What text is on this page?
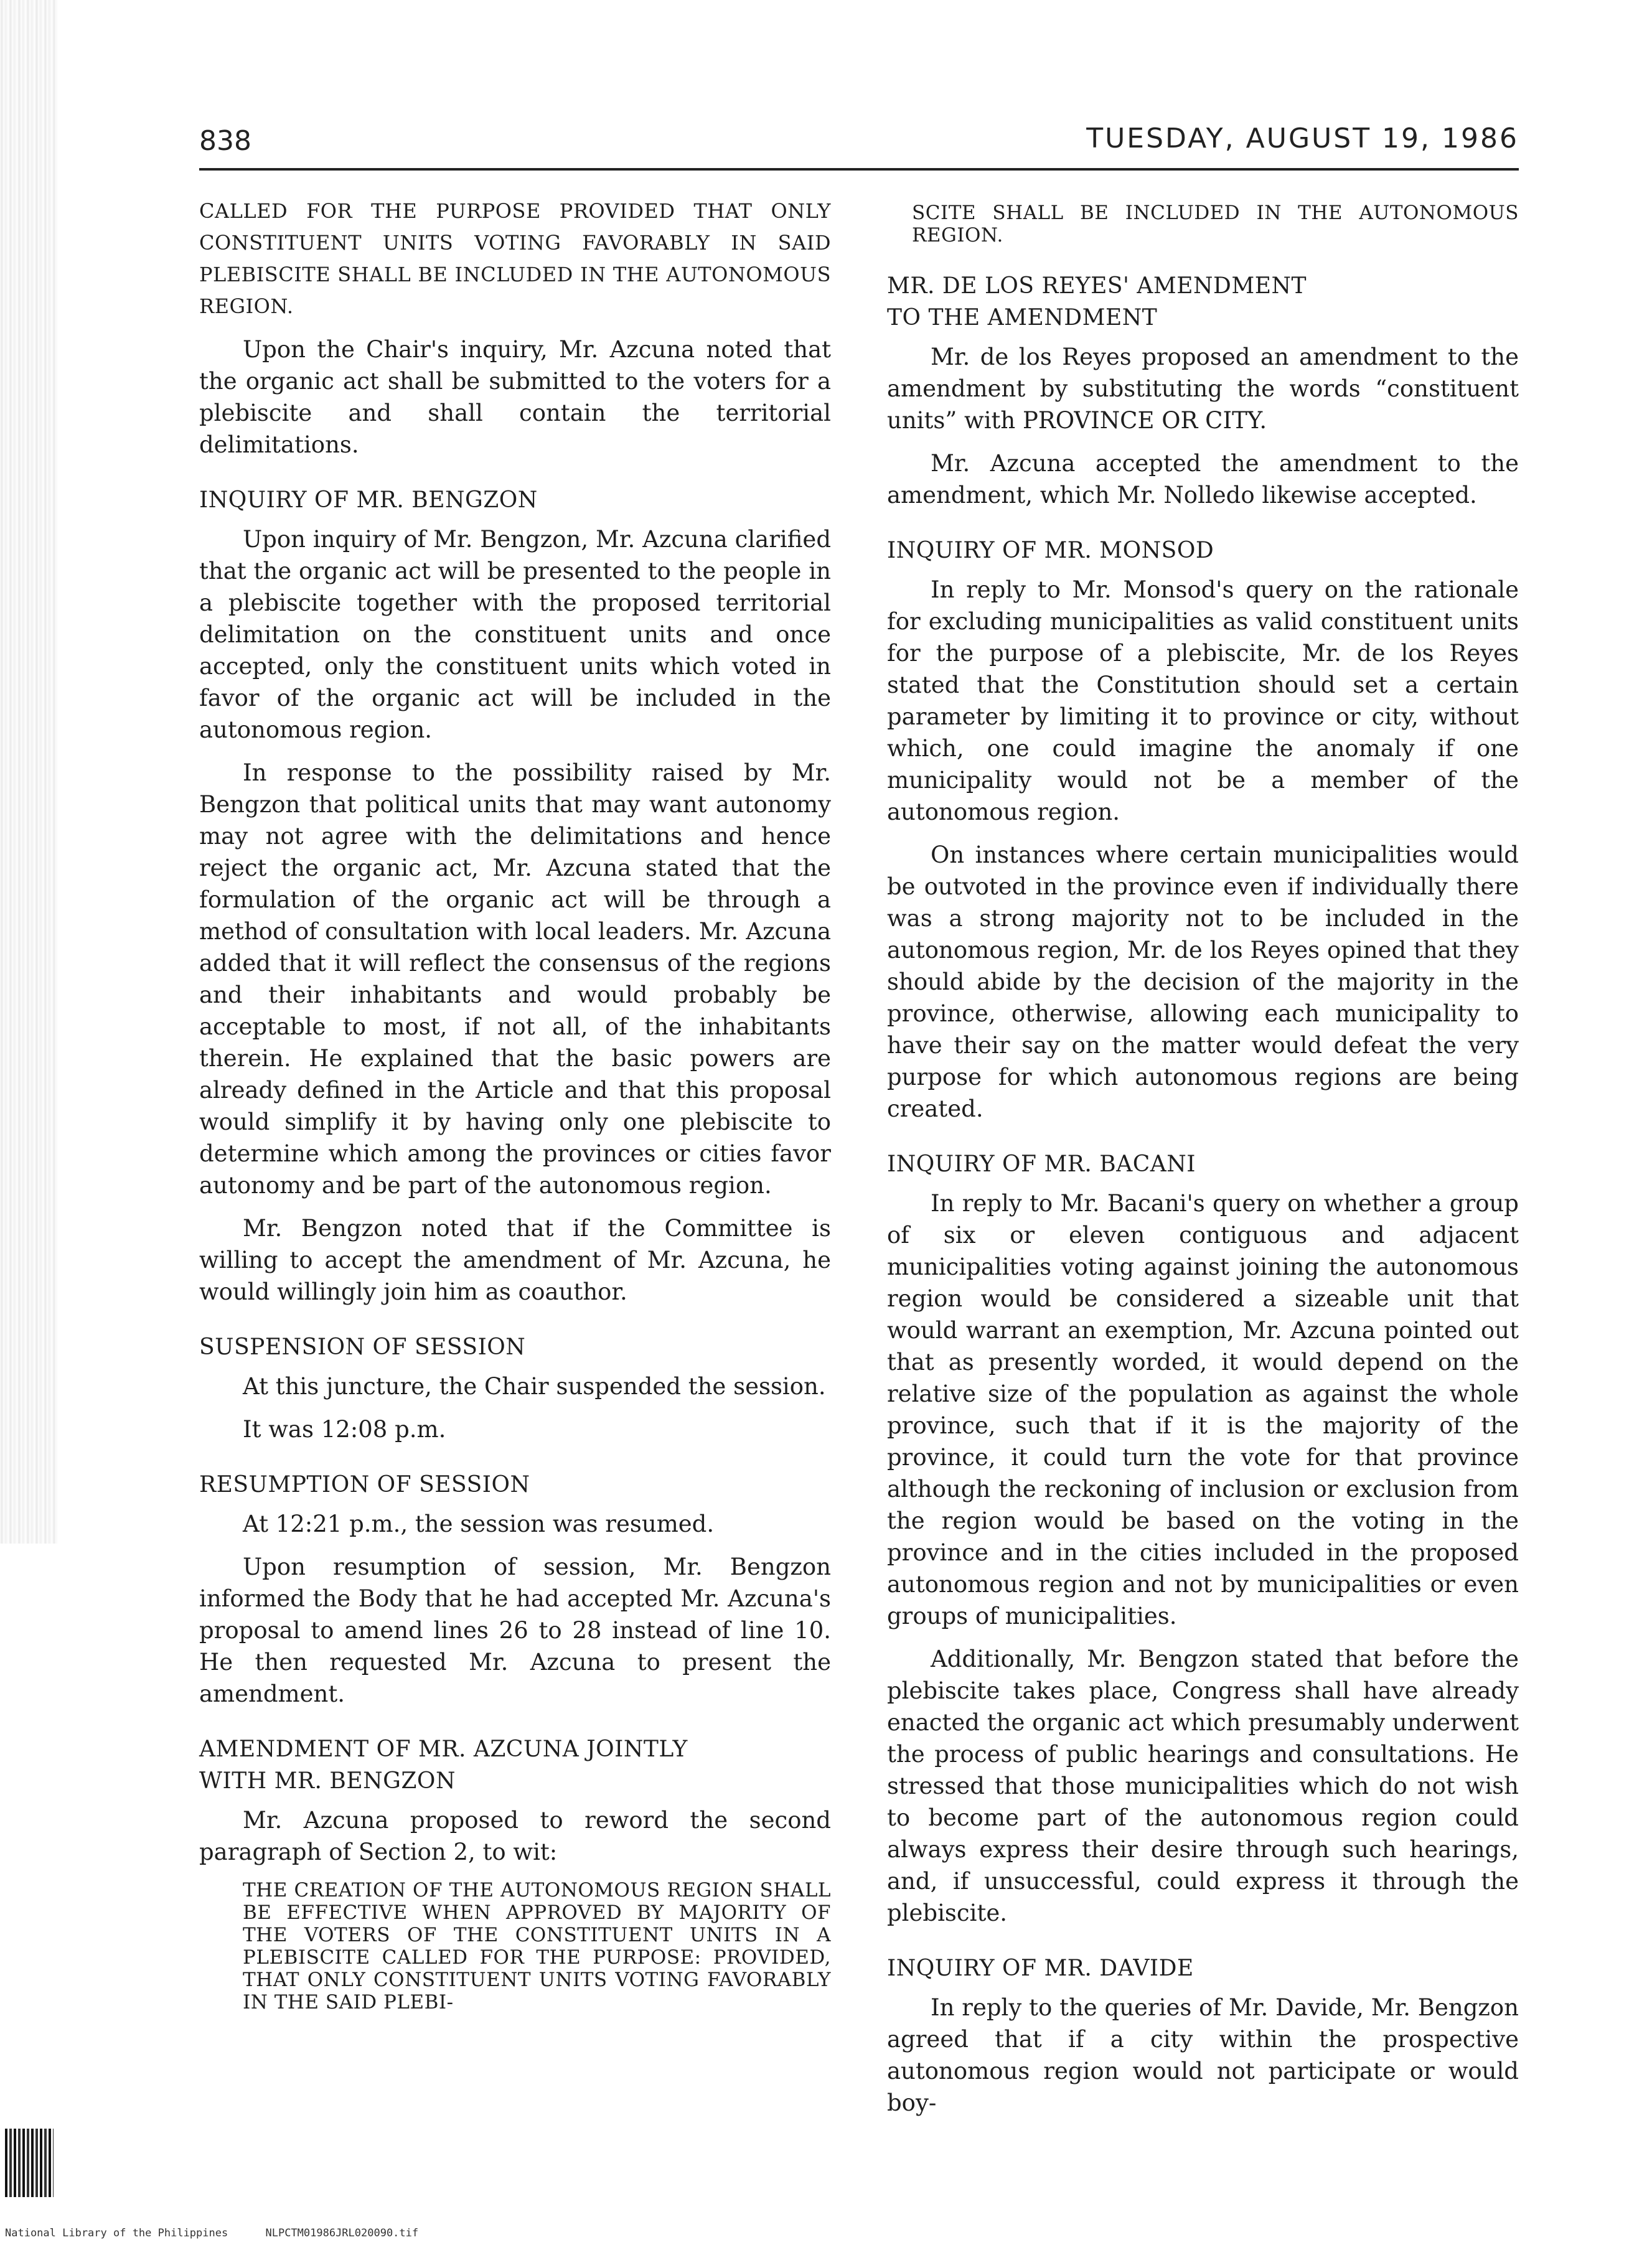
838	TUESDAY, AUGUST 19, 1986
CALLED FOR THE PURPOSE PROVIDED THAT ONLY CONSTITUENT UNITS VOTING FAVORABLY IN SAID PLEBISCITE SHALL BE INCLUDED IN THE AUTONOMOUS REGION.
Upon the Chair's inquiry, Mr. Azcuna noted that the organic act shall be submitted to the voters for a plebiscite and shall contain the territorial delimitations.
INQUIRY OF MR. BENGZON
Upon inquiry of Mr. Bengzon, Mr. Azcuna clarified that the organic act will be presented to the people in a plebiscite together with the proposed territorial delimitation on the constituent units and once accepted, only the constituent units which voted in favor of the organic act will be included in the autonomous region.
In response to the possibility raised by Mr. Bengzon that political units that may want autonomy may not agree with the delimitations and hence reject the organic act, Mr. Azcuna stated that the formulation of the organic act will be through a method of consultation with local leaders. Mr. Azcuna added that it will reflect the consensus of the regions and their inhabitants and would probably be acceptable to most, if not all, of the inhabitants therein. He explained that the basic powers are already defined in the Article and that this proposal would simplify it by having only one plebiscite to determine which among the provinces or cities favor autonomy and be part of the autonomous region.
Mr. Bengzon noted that if the Committee is willing to accept the amendment of Mr. Azcuna, he would willingly join him as coauthor.
SUSPENSION OF SESSION
At this juncture, the Chair suspended the session.
It was 12:08 p.m.
RESUMPTION OF SESSION
At 12:21 p.m., the session was resumed.
Upon resumption of session, Mr. Bengzon informed the Body that he had accepted Mr. Azcuna's proposal to amend lines 26 to 28 instead of line 10. He then requested Mr. Azcuna to present the amendment.
AMENDMENT OF MR. AZCUNA JOINTLY
WITH MR. BENGZON
Mr. Azcuna proposed to reword the second paragraph of Section 2, to wit:
THE CREATION OF THE AUTONOMOUS REGION SHALL BE EFFECTIVE WHEN APPROVED BY MAJORITY OF THE VOTERS OF THE CONSTITUENT UNITS IN A PLEBISCITE CALLED FOR THE PURPOSE: PROVIDED, THAT ONLY CONSTITUENT UNITS VOTING FAVORABLY IN THE SAID PLEBI-
SCITE SHALL BE INCLUDED IN THE AUTONOMOUS REGION.
MR. DE LOS REYES' AMENDMENT
TO THE AMENDMENT
Mr. de los Reyes proposed an amendment to the amendment by substituting the words “constituent units” with PROVINCE OR CITY.
Mr. Azcuna accepted the amendment to the amendment, which Mr. Nolledo likewise accepted.
INQUIRY OF MR. MONSOD
In reply to Mr. Monsod's query on the rationale for excluding municipalities as valid constituent units for the purpose of a plebiscite, Mr. de los Reyes stated that the Constitution should set a certain parameter by limiting it to province or city, without which, one could imagine the anomaly if one municipality would not be a member of the autonomous region.
On instances where certain municipalities would be outvoted in the province even if individually there was a strong majority not to be included in the autonomous region, Mr. de los Reyes opined that they should abide by the decision of the majority in the province, otherwise, allowing each municipality to have their say on the matter would defeat the very purpose for which autonomous regions are being created.
INQUIRY OF MR. BACANI
In reply to Mr. Bacani's query on whether a group of six or eleven contiguous and adjacent municipalities voting against joining the autonomous region would be considered a sizeable unit that would warrant an exemption, Mr. Azcuna pointed out that as presently worded, it would depend on the relative size of the population as against the whole province, such that if it is the majority of the province, it could turn the vote for that province although the reckoning of inclusion or exclusion from the region would be based on the voting in the province and in the cities included in the proposed autonomous region and not by municipalities or even groups of municipalities.
Additionally, Mr. Bengzon stated that before the plebiscite takes place, Congress shall have already enacted the organic act which presumably underwent the process of public hearings and consultations. He stressed that those municipalities which do not wish to become part of the autonomous region could always express their desire through such hearings, and, if unsuccessful, could express it through the plebiscite.
INQUIRY OF MR. DAVIDE
In reply to the queries of Mr. Davide, Mr. Bengzon agreed that if a city within the prospective autonomous region would not participate or would boy-
National Library of the Philippines	NLPCTM01986JRL020090.tif
